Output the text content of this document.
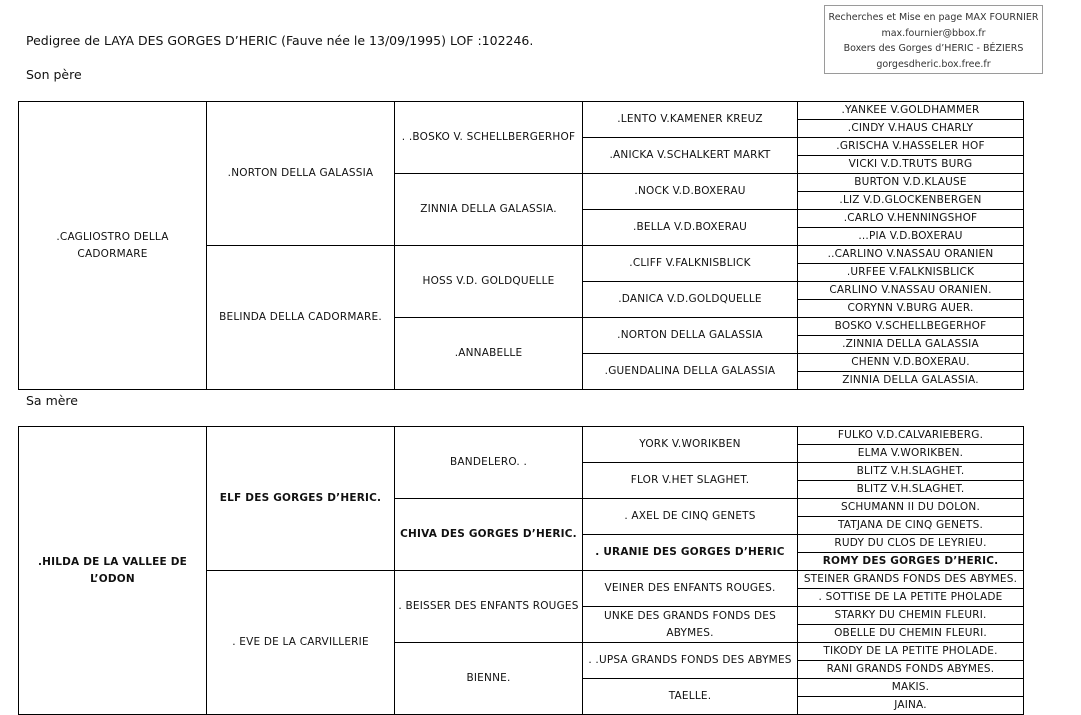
Recherches et Mise en page MAX FOURNIER
max.fournier@bbox.fr
Boxers des Gorges d’HERIC - BÉZIERS
gorgesdheric.box.free.fr
Pedigree de LAYA DES GORGES D’HERIC (Fauve née le 13/09/1995) LOF :102246.
Son père
.CAGLIOSTRO DELLA CADORMARE	.NORTON DELLA GALASSIA	. .BOSKO V. SCHELLBERGERHOF	.LENTO V.KAMENER KREUZ	.YANKEE V.GOLDHAMMER
				.CINDY V.HAUS CHARLY
			.ANICKA V.SCHALKERT MARKT	.GRISCHA V.HASSELER HOF
				VICKI V.D.TRUTS BURG
		ZINNIA DELLA GALASSIA.	.NOCK V.D.BOXERAU	BURTON V.D.KLAUSE
				.LIZ V.D.GLOCKENBERGEN
			.BELLA V.D.BOXERAU	.CARLO V.HENNINGSHOF
				...PIA V.D.BOXERAU
	BELINDA DELLA CADORMARE.	HOSS V.D. GOLDQUELLE	.CLIFF V.FALKNISBLICK	..CARLINO V.NASSAU ORANIEN
				.URFEE V.FALKNISBLICK
			.DANICA V.D.GOLDQUELLE	CARLINO V.NASSAU ORANIEN.
				CORYNN V.BURG AUER.
		.ANNABELLE	.NORTON DELLA GALASSIA	BOSKO V.SCHELLBEGERHOF
				.ZINNIA DELLA GALASSIA
			.GUENDALINA DELLA GALASSIA	CHENN V.D.BOXERAU.
				ZINNIA DELLA GALASSIA.
Sa mère
.HILDA DE LA VALLEE DE L’ODON	ELF DES GORGES D’HERIC.	BANDELERO. .	YORK V.WORIKBEN	FULKO V.D.CALVARIEBERG.
				ELMA V.WORIKBEN.
			FLOR V.HET SLAGHET.	BLITZ V.H.SLAGHET.
				BLITZ V.H.SLAGHET.
		CHIVA DES GORGES D’HERIC.	. AXEL DE CINQ GENETS	SCHUMANN II DU DOLON.
				TATJANA DE CINQ GENETS.
			. URANIE DES GORGES D’HERIC	RUDY DU CLOS DE LEYRIEU.
				ROMY DES GORGES D’HERIC.
	. EVE DE LA CARVILLERIE	. BEISSER DES ENFANTS ROUGES	VEINER DES ENFANTS ROUGES.	STEINER GRANDS FONDS DES ABYMES.
				. SOTTISE DE LA PETITE PHOLADE
			UNKE DES GRANDS FONDS DES ABYMES.	STARKY DU CHEMIN FLEURI.
				OBELLE DU CHEMIN FLEURI.
		BIENNE.	. .UPSA GRANDS FONDS DES ABYMES	TIKODY DE LA PETITE PHOLADE.
				RANI GRANDS FONDS ABYMES.
			TAELLE.	MAKIS.
				JAINA.
